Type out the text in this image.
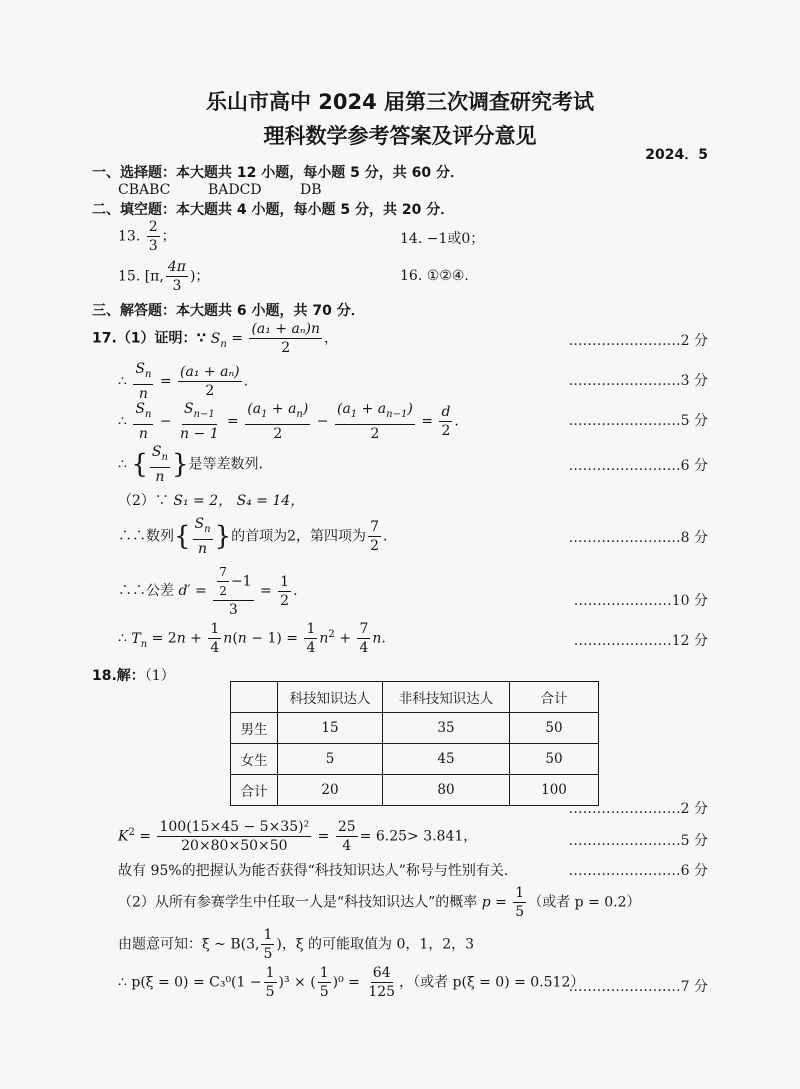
乐山市高中 2024 届第三次调查研究考试
理科数学参考答案及评分意见
2024．5
一、选择题：本大题共 12 小题，每小题 5 分，共 60 分．
CBABC	BADCD	DB
二、填空题：本大题共 4 小题，每小题 5 分，共 20 分．
13. $\frac{2}{3}$ ；	14. −1或0；
15. [π, $\frac{4\pi}{3}$ )；	16. ①②④.
三、解答题：本大题共 6 小题，共 70 分．
17.（1）证明：∵ $S_n = \frac{\text{(a₁ + aₙ)n}}{2}$ ，	……………………2 分
∴ $\frac{S_n}{n} = \frac{\text{(a₁ + aₙ)}}{2}$ .	……………………3 分
∴ $\frac{S_n}{n} - \frac{S_{n-1}}{n - 1} = \frac{(a_1 + a_n)}{2} - \frac{(a_1 + a_{n-1})}{2} = \frac{d}{2}$ .	……………………5 分
∴ { $\frac{S_n}{n}$ }是等差数列.	……………………6 分
（2）∵ S₁ = 2， S₄ = 14，
∴∴数列{ $\frac{S_n}{n}$ }的首项为2，第四项为 $\frac{7}{2}$ .	……………………8 分
∴∴公差 $d' = \frac{\frac{7}{2} -1}{3} = \frac{1}{2}$ .
…………………10 分
∴ $T_n = 2n + \frac{1}{4} n(n - 1) = \frac{1}{4} n^2 + \frac{7}{4} n$.	…………………12 分
18.解：（1）
	科技知识达人	非科技知识达人	合计
男生	15	35	50
女生	5	45	50
合计	20	80	100
……………………2 分
$K^2 = \frac{\text{100(15×45 − 5×35)²}}{20\times 80\times 50\times 50} = \frac{25}{4} = 6.25> 3.841$，	……………………5 分
故有 95%的把握认为能否获得“科技知识达人”称号与性别有关.	……………………6 分
（2）从所有参赛学生中任取一人是“科技知识达人”的概率 $p = \frac{1}{5}$ （或者 p = 0.2）
由题意可知：ξ ~ B(3, $\frac{1}{5}$ )，ξ 的可能取值为 0，1，2，3
∴ $p(\xi = 0) = C_3^0(1 - \frac{1}{5} )^3$ × ( $\frac{1}{5} )^0 = \frac{64}{125}$ ，（或者 p(ξ = 0) = 0.512）
……………………7 分
